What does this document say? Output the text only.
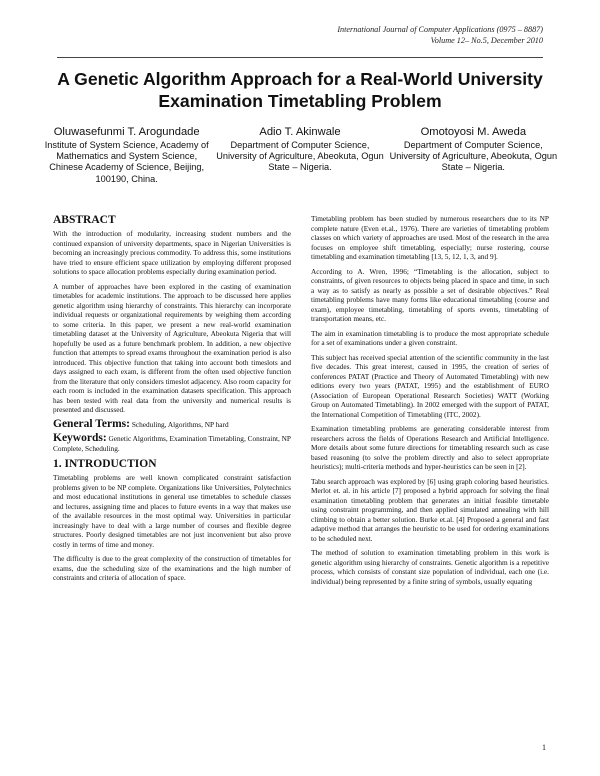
International Journal of Computer Applications (0975 – 8887)
Volume 12– No.5, December 2010
A Genetic Algorithm Approach for a Real-World University Examination Timetabling Problem
Oluwasefunmi T. Arogundade
Institute of System Science, Academy of Mathematics and System Science, Chinese Academy of Science, Beijing, 100190, China.
Adio T. Akinwale
Department of Computer Science, University of Agriculture, Abeokuta, Ogun State – Nigeria.
Omotoyosi M. Aweda
Department of Computer Science, University of Agriculture, Abeokuta, Ogun State – Nigeria.
ABSTRACT

With the introduction of modularity, increasing student numbers and the continued expansion of university departments, space in Nigerian Universities is becoming an increasingly precious commodity. To address this, some institutions have tried to ensure efficient space utilization by employing different proposed solutions to space allocation problems especially during examination period.

A number of approaches have been explored in the casting of examination timetables for academic institutions. The approach to be discussed here applies genetic algorithm using hierarchy of constraints. This hierarchy can incorporate individual requests or organizational requirements by weighing them according to some criteria. In this paper, we present a new real-world examination timetabling dataset at the University of Agriculture, Abeokuta Nigeria that will hopefully be used as a future benchmark problem. In addition, a new objective function that attempts to spread exams throughout the examination period is also introduced. This objective function that taking into account both timeslots and days assigned to each exam, is different from the often used objective function from the literature that only considers timeslot adjacency. Also room capacity for each room is included in the examination datasets specification. This approach has been tested with real data from the university and numerical results is presented and discussed.

General Terms: Scheduling, Algorithms, NP hard

Keywords: Genetic Algorithms, Examination Timetabling, Constraint, NP Complete, Scheduling.

1. INTRODUCTION

Timetabling problems are well known complicated constraint satisfaction problems given to be NP complete. Organizations like Universities, Polytechnics and most educational institutions in general use timetables to schedule classes and lectures, assigning time and places to future events in a way that makes use of the available resources in the most optimal way. Universities in particular increasingly have to deal with a large number of courses and flexible degree structures. Poorly designed timetables are not just inconvenient but also prove costly in terms of time and money.

The difficulty is due to the great complexity of the construction of timetables for exams, due the scheduling size of the examinations and the high number of constraints and criteria of allocation of space.

Timetabling problem has been studied by numerous researchers due to its NP complete nature (Even et.al., 1976). There are varieties of timetabling problem classes on which variety of approaches are used. Most of the research in the area focuses on employee shift timetabling, especially; nurse rostering, course timetabling and examination timetabling [13, 5, 12, 1, 3, and 9].

According to A. Wren, 1996; “Timetabling is the allocation, subject to constraints, of given resources to objects being placed in space and time, in such a way as to satisfy as nearly as possible a set of desirable objectives.” Real timetabling problems have many forms like educational timetabling (course and exam), employee timetabling, timetabling of sports events, timetabling of transportation means, etc.

The aim in examination timetabling is to produce the most appropriate schedule for a set of examinations under a given constraint.

This subject has received special attention of the scientific community in the last five decades. This great interest, caused in 1995, the creation of series of conferences PATAT (Practice and Theory of Automated Timetabling) with new editions every two years (PATAT, 1995) and the establishment of EURO (Association of European Operational Research Societies) WATT (Working Group on Automated Timetabling). In 2002 emerged with the support of PATAT, the International Competition of Timetabling (ITC, 2002).

Examination timetabling problems are generating considerable interest from researchers across the fields of Operations Research and Artificial Intelligence. More details about some future directions for timetabling research such as case based reasoning (to solve the problem directly and also to select appropriate heuristics); multi-criteria methods and hyper-heuristics can be seen in [2].

Tabu search approach was explored by [6] using graph coloring based heuristics. Merlot et. al. in his article [7] proposed a hybrid approach for solving the final examination timetabling problem that generates an initial feasible timetable using constraint programming, and then applied simulated annealing with hill climbing to obtain a better solution. Burke et.al. [4] Proposed a general and fast adaptive method that arranges the heuristic to be used for ordering examinations to be scheduled next.

The method of solution to examination timetabling problem in this work is genetic algorithm using hierarchy of constraints. Genetic algorithm is a repetitive process, which consists of constant size population of individual, each one (i.e. individual) being represented by a finite string of symbols, usually equating

1
